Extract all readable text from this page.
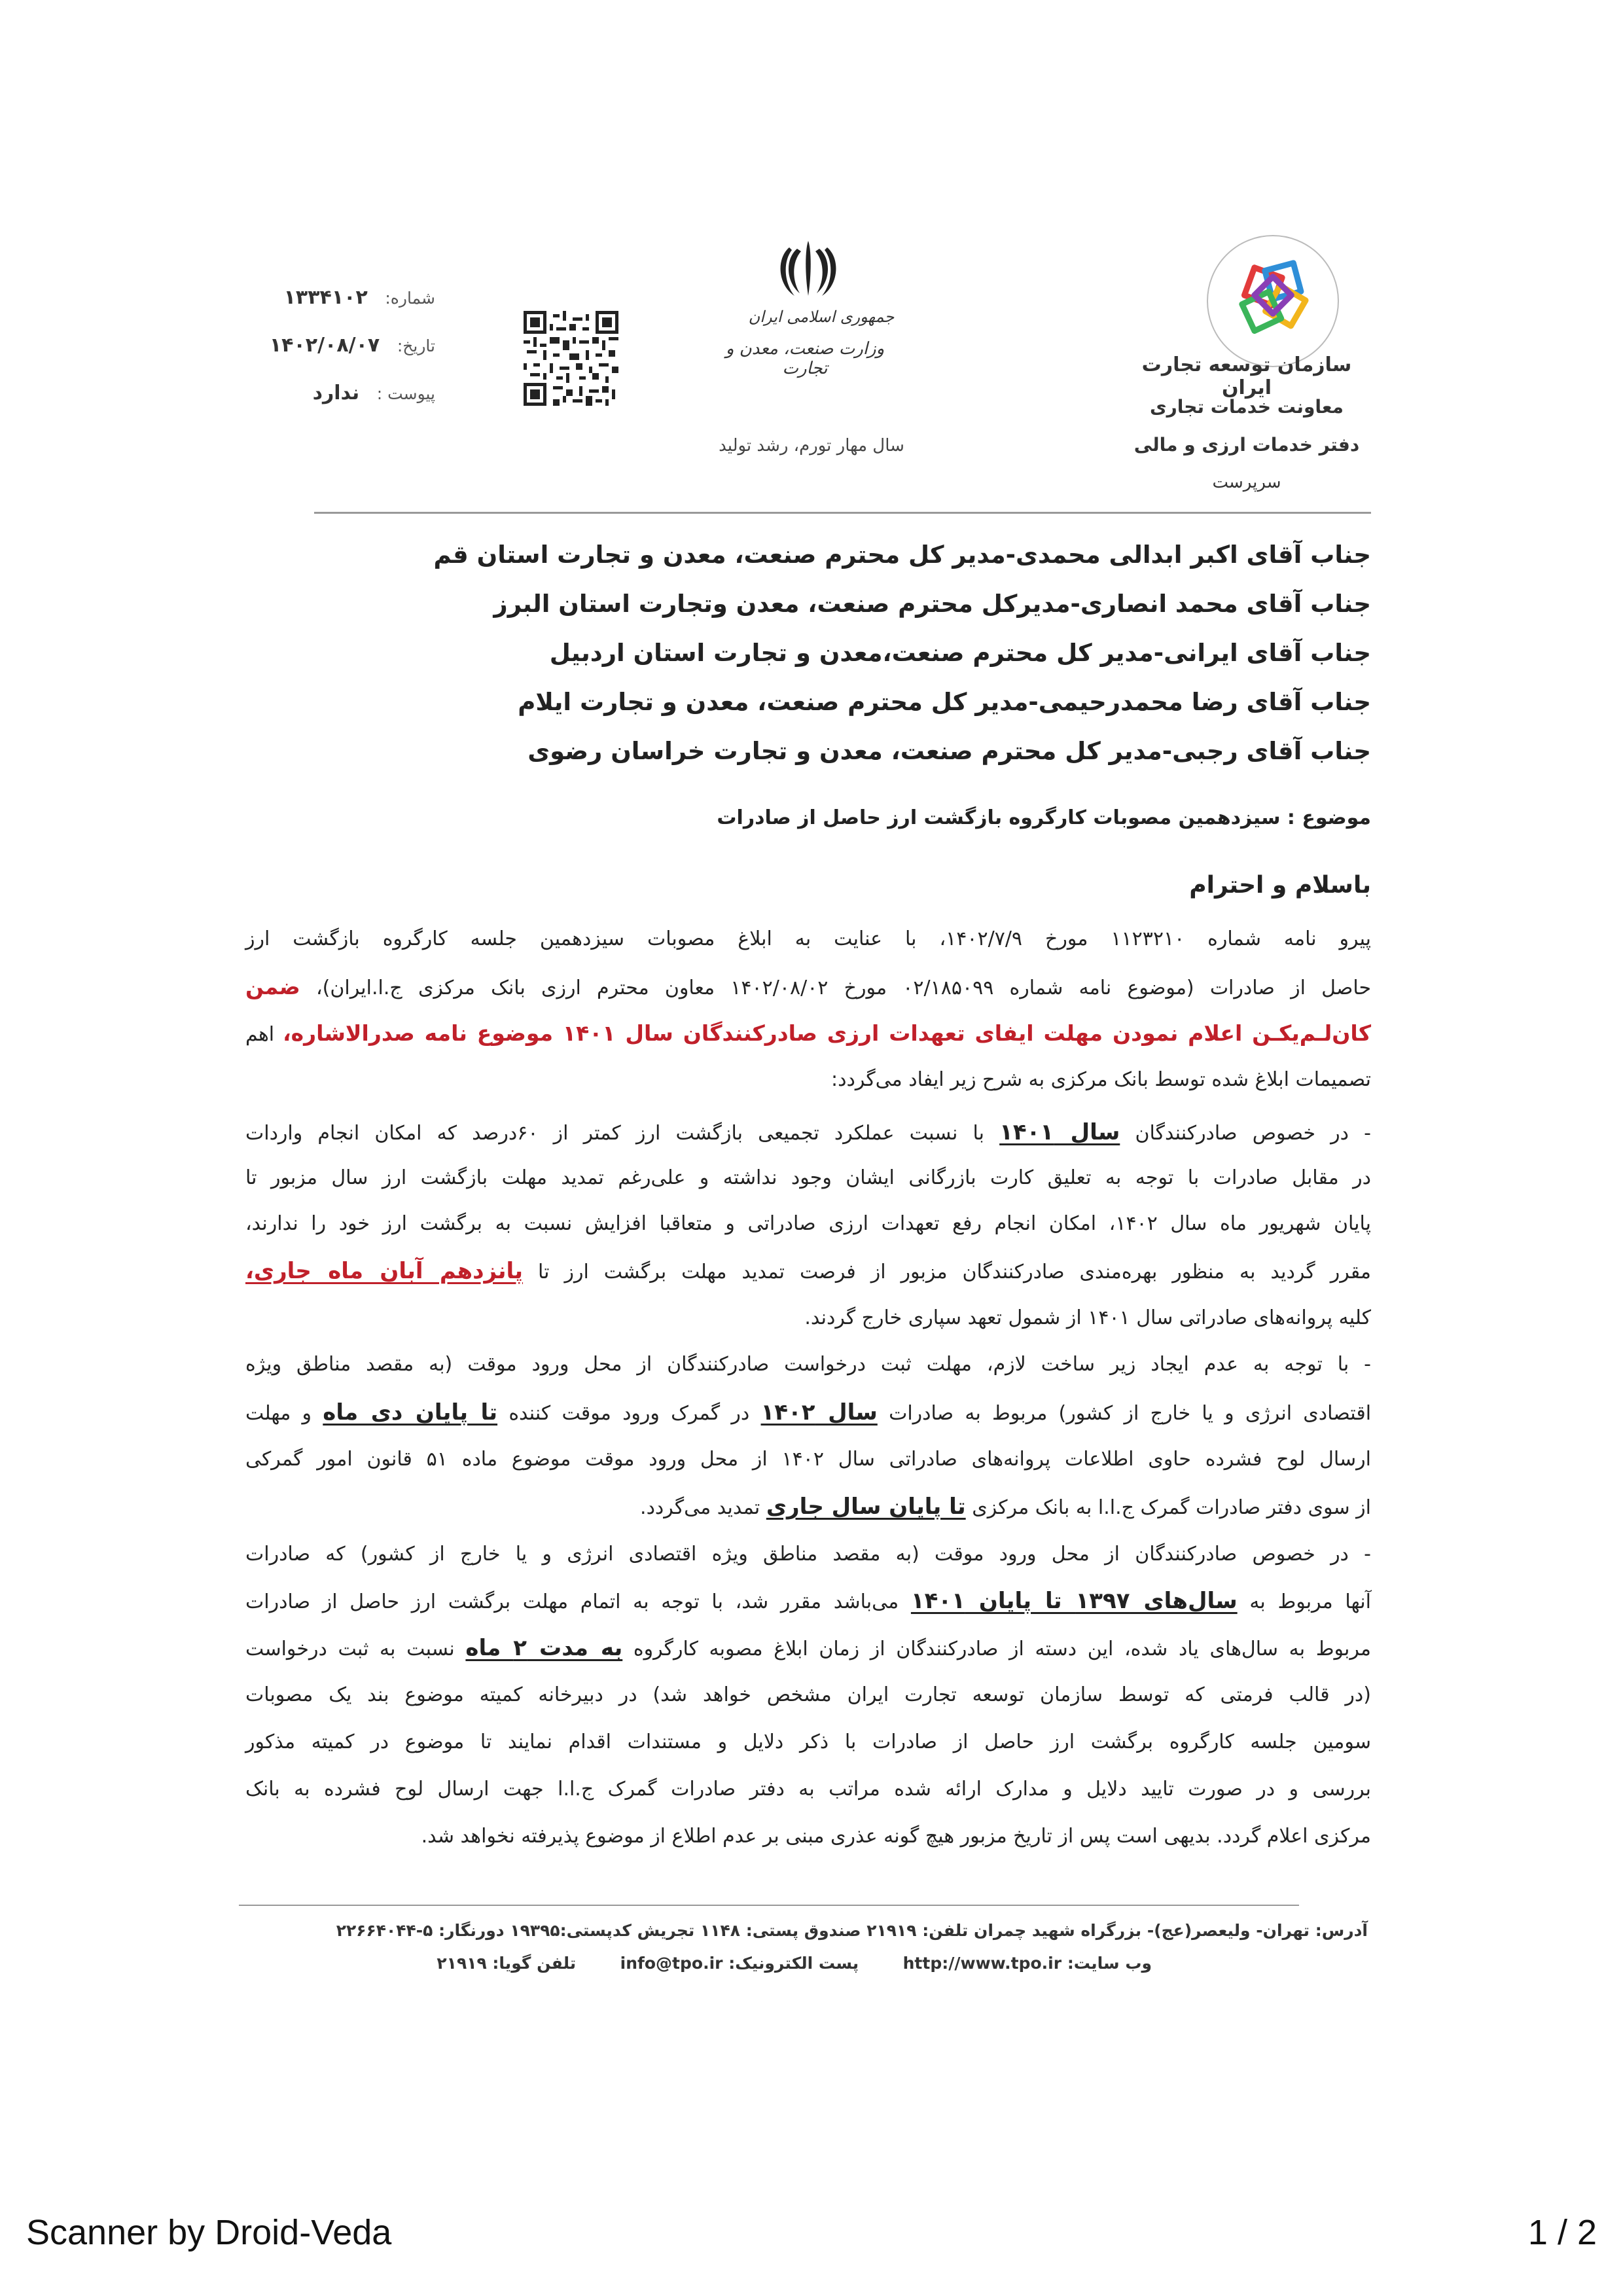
سازمان توسعه تجارت ایران
معاونت خدمات تجاری
دفتر خدمات ارزی و مالی
سرپرست
جمهوری اسلامی ایران
وزارت صنعت، معدن و تجارت
سال مهار تورم، رشد تولید
شماره: ۱۳۳۴۱۰۲
تاریخ: ۱۴۰۲/۰۸/۰۷
پیوست : ندارد
جناب آقای اکبر ابدالی محمدی-مدیر کل محترم صنعت، معدن و تجارت استان قم
جناب آقای محمد انصاری-مدیرکل محترم صنعت، معدن وتجارت استان البرز
جناب آقای ایرانی-مدیر کل محترم صنعت،معدن و تجارت استان اردبیل
جناب آقای رضا محمدرحیمی-مدیر کل محترم صنعت، معدن و تجارت ایلام
جناب آقای رجبی-مدیر کل محترم صنعت، معدن و تجارت خراسان رضوی
موضوع : سیزدهمین مصوبات کارگروه بازگشت ارز حاصل از صادرات
باسلام و احترام
پیرو نامه شماره ۱۱۲۳۲۱۰ مورخ ۱۴۰۲/۷/۹، با عنایت به ابلاغ مصوبات سیزدهمین جلسه کارگروه بازگشت ارز
حاصل از صادرات (موضوع نامه شماره ۰۲/۱۸۵۰۹۹ مورخ ۱۴۰۲/۰۸/۰۲ معاون محترم ارزی بانک مرکزی ج.ا.ایران)، ضمن
کان‌لـم‌یکـن اعلام نمودن مهلت ایفای تعهدات ارزی صادرکنندگان سال ۱۴۰۱ موضوع نامه صدرالاشاره، اهم
تصمیمات ابلاغ شده توسط بانک مرکزی به شرح زیر ایفاد می‌گردد:
- در خصوص صادرکنندگان سال ۱۴۰۱ با نسبت عملکرد تجمیعی بازگشت ارز کمتر از ۶۰درصد که امکان انجام واردات
در مقابل صادرات با توجه به تعلیق کارت بازرگانی ایشان وجود نداشته و علی‌رغم تمدید مهلت بازگشت ارز سال مزبور تا
پایان شهریور ماه سال ۱۴۰۲، امکان انجام رفع تعهدات ارزی صادراتی و متعاقبا افزایش نسبت به برگشت ارز خود را ندارند،
مقرر گردید به منظور بهره‌مندی صادرکنندگان مزبور از فرصت تمدید مهلت برگشت ارز تا پانزدهم آبان ماه جاری،
کلیه پروانه‌های صادراتی سال ۱۴۰۱ از شمول تعهد سپاری خارج گردند.
- با توجه به عدم ایجاد زیر ساخت لازم، مهلت ثبت درخواست صادرکنندگان از محل ورود موقت (به مقصد مناطق ویژه
اقتصادی انرژی و یا خارج از کشور) مربوط به صادرات سال ۱۴۰۲ در گمرک ورود موقت کننده تا پایان دی ماه و مهلت
ارسال لوح فشرده حاوی اطلاعات پروانه‌های صادراتی سال ۱۴۰۲ از محل ورود موقت موضوع ماده ۵۱ قانون امور گمرکی
از سوی دفتر صادرات گمرک ج.ا.ا به بانک مرکزی تا پایان سال جاری تمدید می‌گردد.
- در خصوص صادرکنندگان از محل ورود موقت (به مقصد مناطق ویژه اقتصادی انرژی و یا خارج از کشور) که صادرات
آنها مربوط به سال‌های ۱۳۹۷ تا پایان ۱۴۰۱ می‌باشد مقرر شد، با توجه به اتمام مهلت برگشت ارز حاصل از صادرات
مربوط به سال‌های یاد شده، این دسته از صادرکنندگان از زمان ابلاغ مصوبه کارگروه به مدت ۲ ماه نسبت به ثبت درخواست
(در قالب فرمتی که توسط سازمان توسعه تجارت ایران مشخص خواهد شد) در دبیرخانه کمیته موضوع بند یک مصوبات
سومین جلسه کارگروه برگشت ارز حاصل از صادرات با ذکر دلایل و مستندات اقدام نمایند تا موضوع در کمیته مذکور
بررسی و در صورت تایید دلایل و مدارک ارائه شده مراتب به دفتر صادرات گمرک ج.ا.ا جهت ارسال لوح فشرده به بانک
مرکزی اعلام گردد. بدیهی است پس از تاریخ مزبور هیچ گونه عذری مبنی بر عدم اطلاع از موضوع پذیرفته نخواهد شد.
آدرس: تهران- ولیعصر(عج)- بزرگراه شهید چمران تلفن: ۲۱۹۱۹ صندوق پستی: ۱۱۴۸ تجریش کدپستی:۱۹۳۹۵ دورنگار: ۵-۲۲۶۶۴۰۴۴
وب سایت: http://www.tpo.ir  پست الکترونیک: info@tpo.ir  تلفن گویا: ۲۱۹۱۹
Scanner by Droid-Veda	1 / 2
